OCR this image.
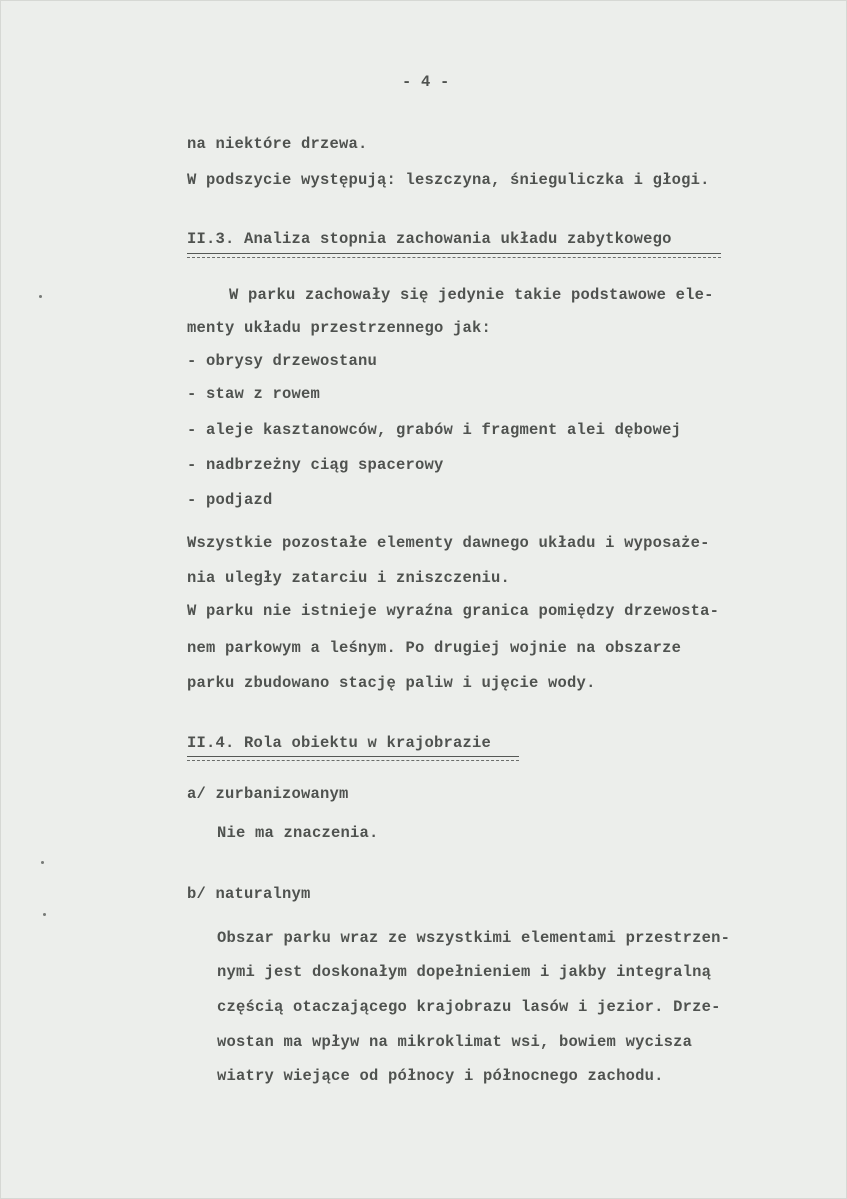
- 4 -
na niektóre drzewa.
W podszycie występują: leszczyna, śnieguliczka i głogi.
II.3. Analiza stopnia zachowania układu zabytkowego
W parku zachowały się jedynie takie podstawowe ele-
menty układu przestrzennego jak:
- obrysy drzewostanu
- staw z rowem
- aleje kasztanowców, grabów i fragment alei dębowej
- nadbrzeżny ciąg spacerowy
- podjazd
Wszystkie pozostałe elementy dawnego układu i wyposaże-
nia uległy zatarciu i zniszczeniu.
W parku nie istnieje wyraźna granica pomiędzy drzewosta-
nem parkowym a leśnym. Po drugiej wojnie na obszarze
parku zbudowano stację paliw i ujęcie wody.
II.4. Rola obiektu w krajobrazie
a/ zurbanizowanym
Nie ma znaczenia.
b/ naturalnym
Obszar parku wraz ze wszystkimi elementami przestrzen-
nymi jest doskonałym dopełnieniem i jakby integralną
częścią otaczającego krajobrazu lasów i jezior. Drze-
wostan ma wpływ na mikroklimat wsi, bowiem wycisza
wiatry wiejące od północy i północnego zachodu.
